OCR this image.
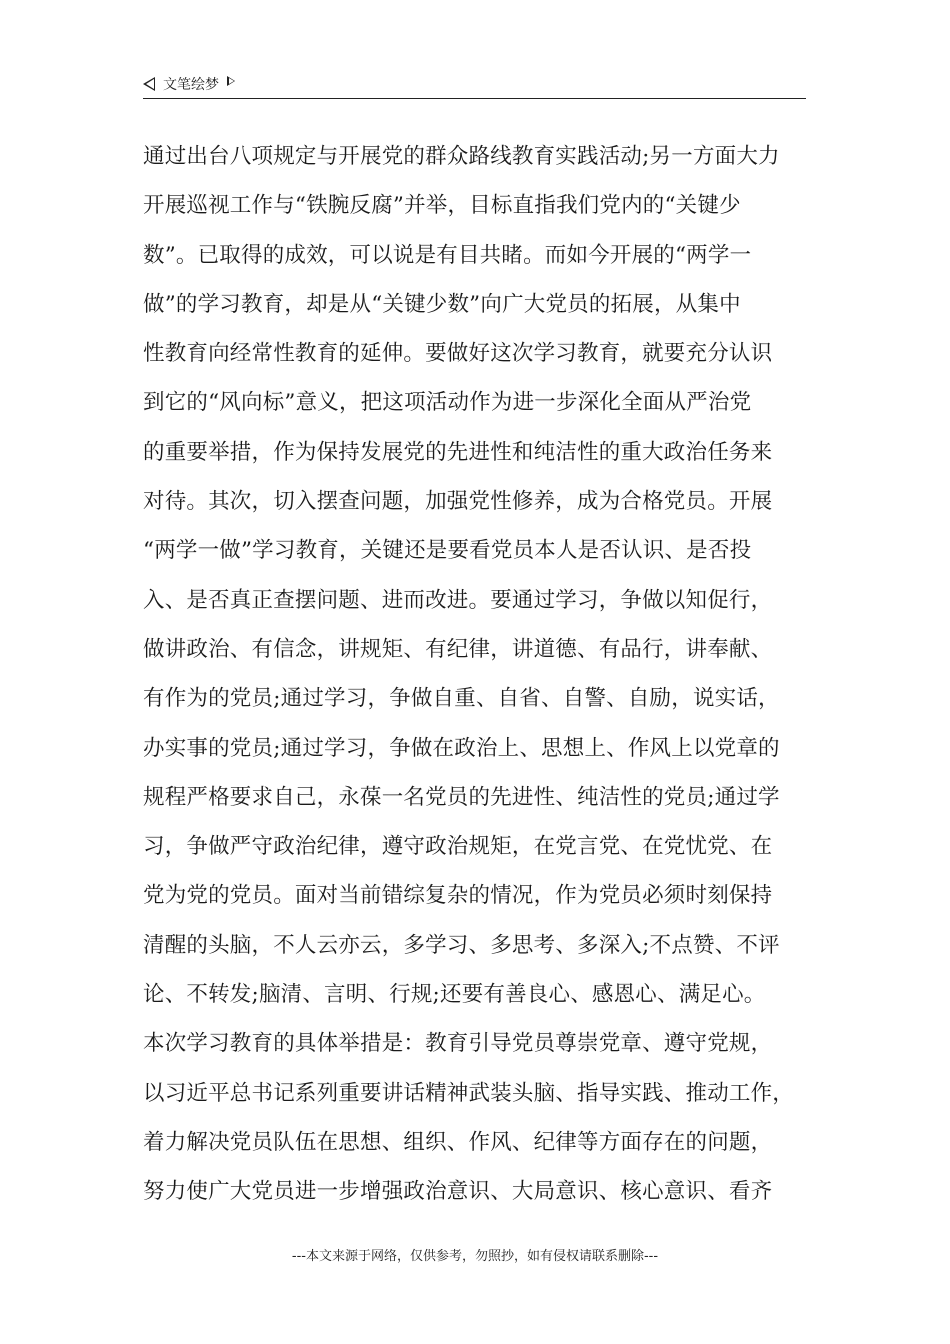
文笔绘梦
通过出台八项规定与开展党的群众路线教育实践活动;另一方面大力
开展巡视工作与“铁腕反腐”并举，目标直指我们党内的“关键少
数”。已取得的成效，可以说是有目共睹。而如今开展的“两学一
做”的学习教育，却是从“关键少数”向广大党员的拓展，从集中
性教育向经常性教育的延伸。要做好这次学习教育，就要充分认识
到它的“风向标”意义，把这项活动作为进一步深化全面从严治党
的重要举措，作为保持发展党的先进性和纯洁性的重大政治任务来
对待。其次，切入摆查问题，加强党性修养，成为合格党员。开展
“两学一做”学习教育，关键还是要看党员本人是否认识、是否投
入、是否真正查摆问题、进而改进。要通过学习，争做以知促行，
做讲政治、有信念，讲规矩、有纪律，讲道德、有品行，讲奉献、
有作为的党员;通过学习，争做自重、自省、自警、自励，说实话，
办实事的党员;通过学习，争做在政治上、思想上、作风上以党章的
规程严格要求自己，永葆一名党员的先进性、纯洁性的党员;通过学
习，争做严守政治纪律，遵守政治规矩，在党言党、在党忧党、在
党为党的党员。面对当前错综复杂的情况，作为党员必须时刻保持
清醒的头脑，不人云亦云，多学习、多思考、多深入;不点赞、不评
论、不转发;脑清、言明、行规;还要有善良心、感恩心、满足心。
本次学习教育的具体举措是：教育引导党员尊崇党章、遵守党规，
以习近平总书记系列重要讲话精神武装头脑、指导实践、推动工作，
着力解决党员队伍在思想、组织、作风、纪律等方面存在的问题，
努力使广大党员进一步增强政治意识、大局意识、核心意识、看齐
---本文来源于网络，仅供参考，勿照抄，如有侵权请联系删除---
